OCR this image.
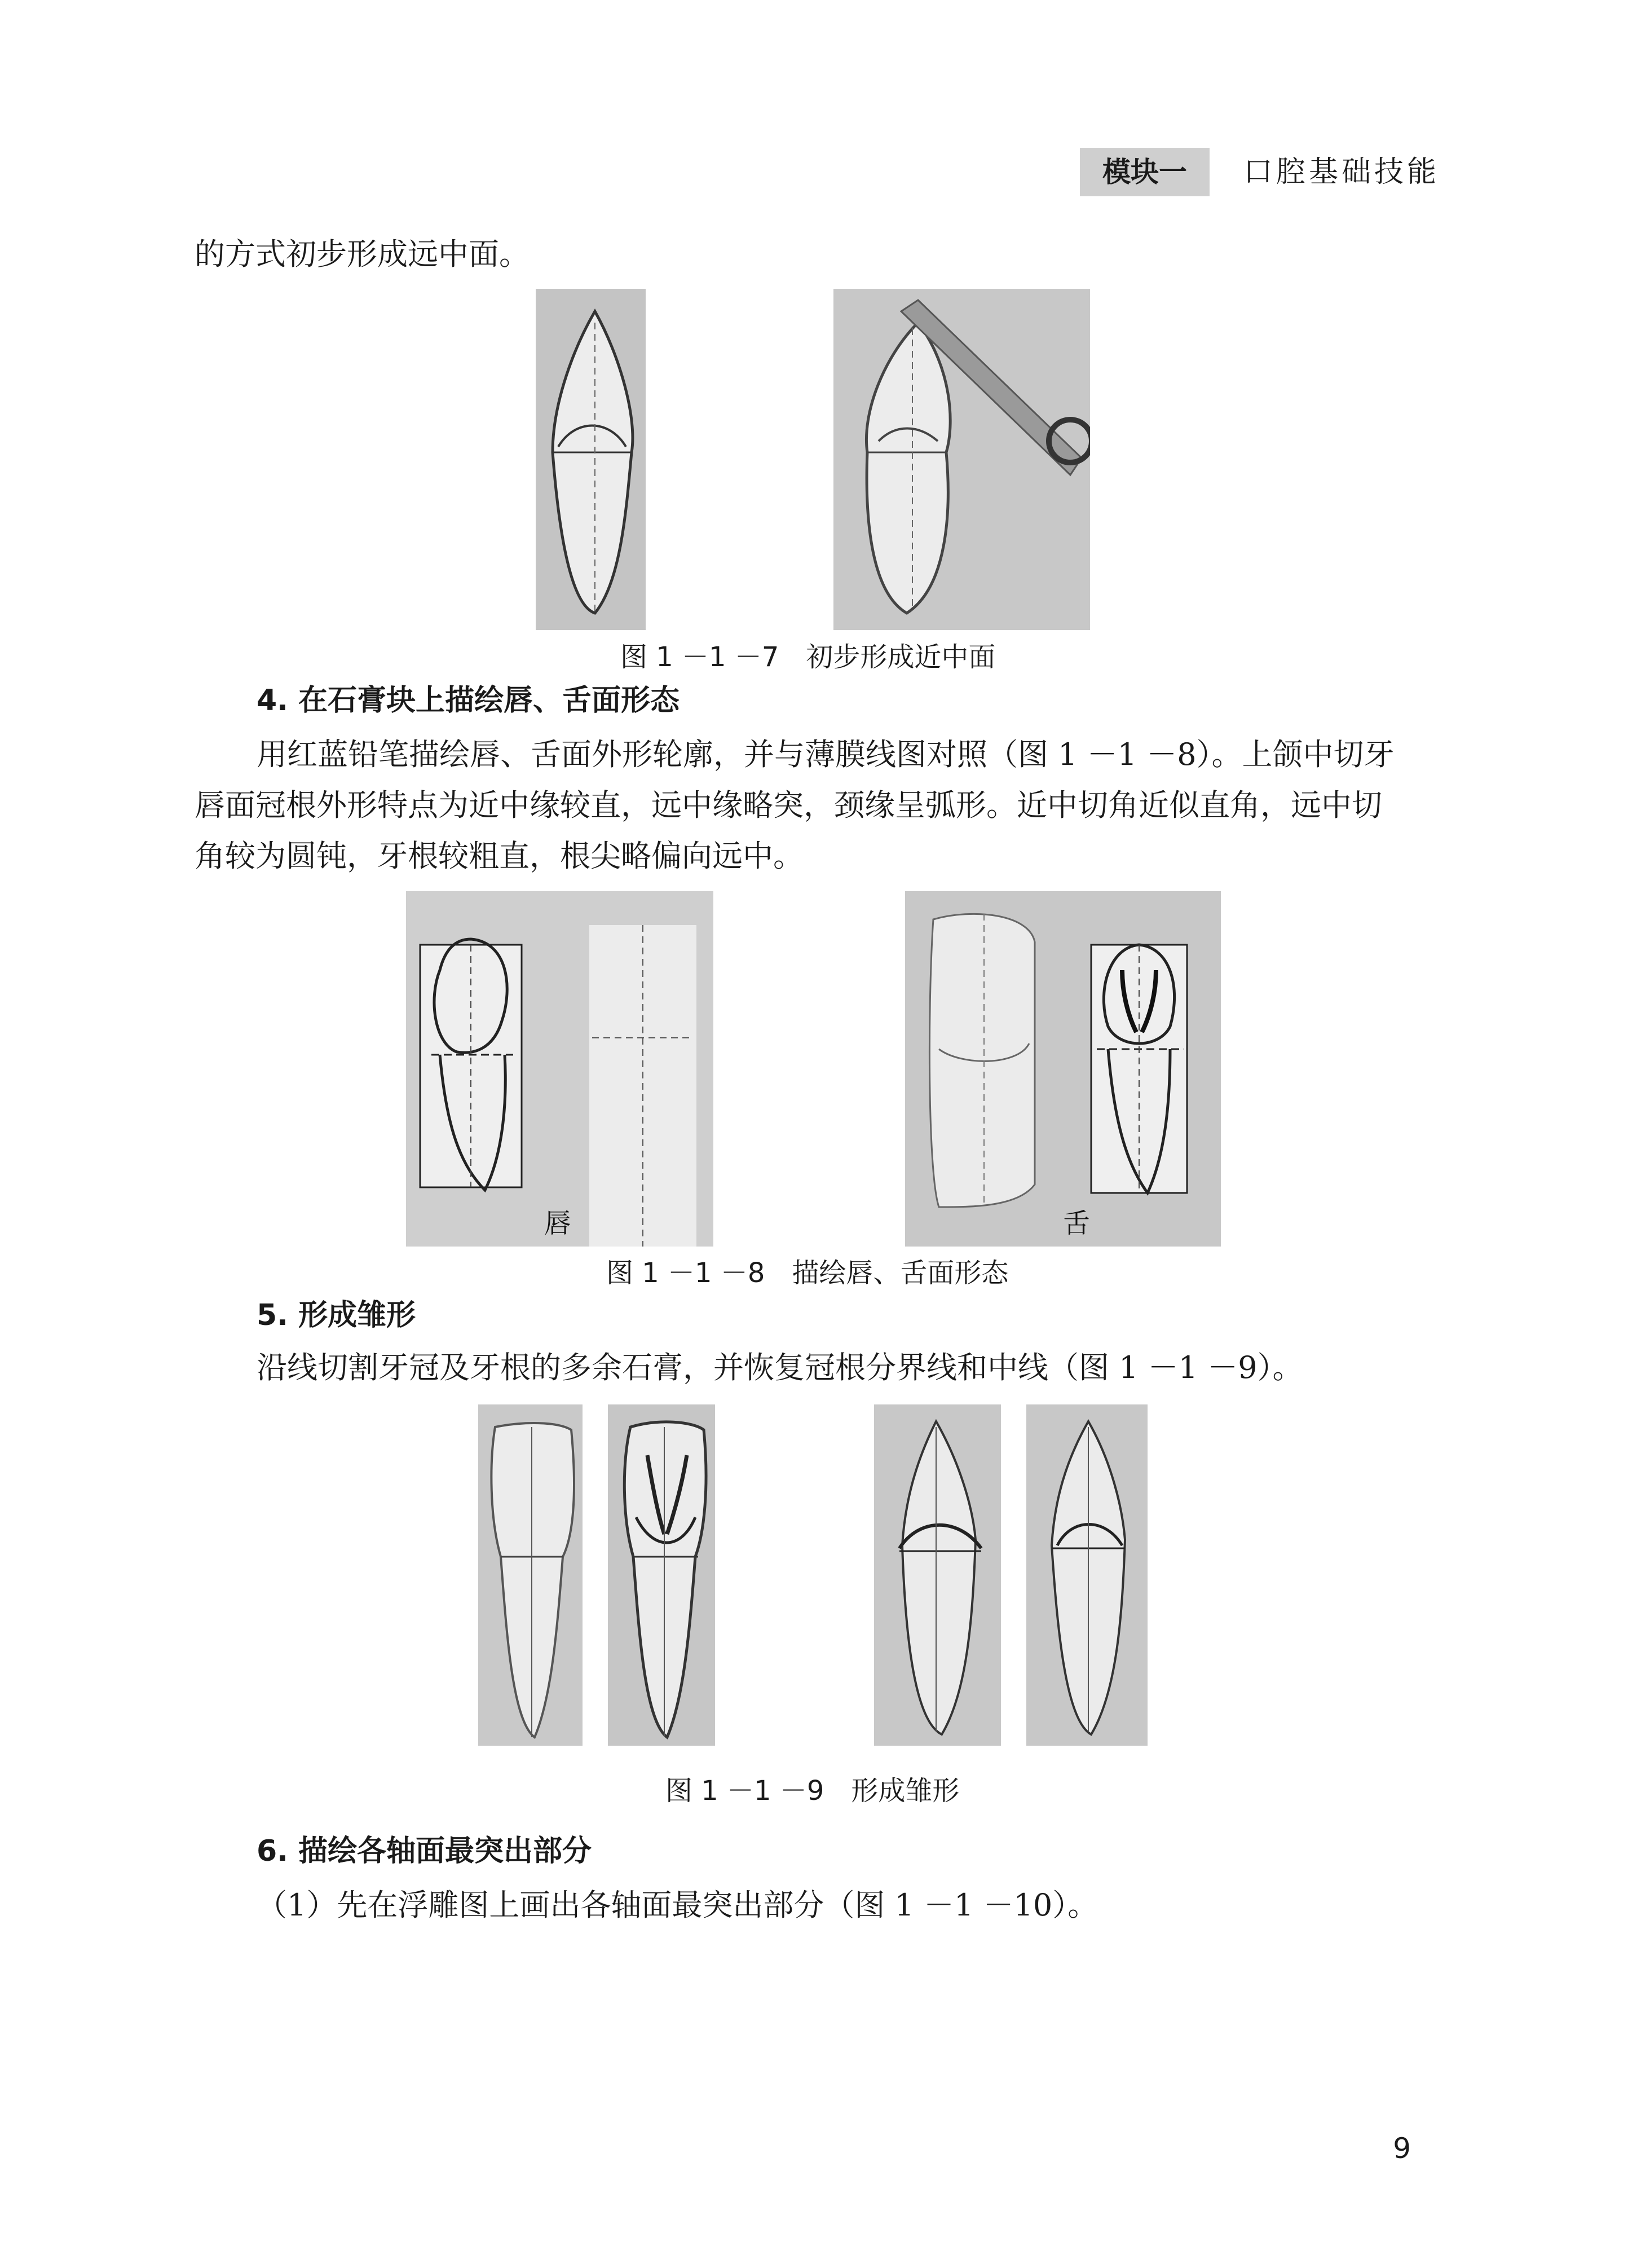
模块一	口腔基础技能
的方式初步形成远中面。
图 1 －1 －7　初步形成近中面
4. 在石膏块上描绘唇、舌面形态
用红蓝铅笔描绘唇、舌面外形轮廓，并与薄膜线图对照（图 1 －1 －8）。上颌中切牙
唇面冠根外形特点为近中缘较直，远中缘略突，颈缘呈弧形。近中切角近似直角，远中切
角较为圆钝，牙根较粗直，根尖略偏向远中。
唇	舌
图 1 －1 －8　描绘唇、舌面形态
5. 形成雏形
沿线切割牙冠及牙根的多余石膏，并恢复冠根分界线和中线（图 1 －1 －9）。
图 1 －1 －9　形成雏形
6. 描绘各轴面最突出部分
（1）先在浮雕图上画出各轴面最突出部分（图 1 －1 －10）。
9
